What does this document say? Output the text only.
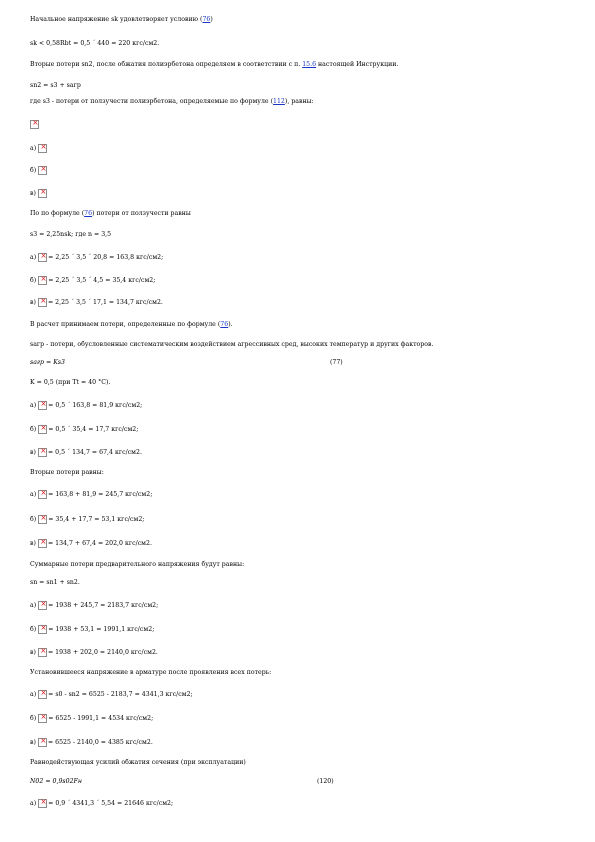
Начальное напряжение sk удовлетворяет условию (76)
sk < 0,58Rbt = 0,5 ´ 440 = 220 кгс/см2.
Вторые потери sn2, после обжатия полиэрбетона определяем в соответствии с п. 15.6 настоящей Инструкции.
sn2 = s3 + sагр
где s3 - потери от ползучести полиэрбетона, определяемые по формуле (112), равны:
×
а) ×
б) ×
в) ×
По по формуле (76) потери от ползучести равны
s3 = 2,25nsk; где n = 3,5
а) × = 2,25 ´ 3,5 ´ 20,8 = 163,8 кгс/см2;
б) × = 2,25 ´ 3,5 ´ 4,5 = 35,4 кгс/см2;
в) × = 2,25 ´ 3,5 ´ 17,1 = 134,7 кгс/см2.
В расчет принимаем потери, определенные по формуле (76).
sагр - потери, обусловленные систематическим воздействием агрессивных сред, высоких температур и других факторов.
sагр = Ks3	(77)
K = 0,5 (при Tt = 40 °C).
а) × = 0,5 ´ 163,8 = 81,9 кгс/см2;
б) × = 0,5 ´ 35,4 = 17,7 кгс/см2;
в) × = 0,5 ´ 134,7 = 67,4 кгс/см2.
Вторые потери равны:
а) × = 163,8 + 81,9 = 245,7 кгс/см2;
б) × = 35,4 + 17,7 = 53,1 кгс/см2;
в) × = 134,7 + 67,4 = 202,0 кгс/см2.
Суммарные потери предварительного напряжения будут равны:
sn = sn1 + sn2.
а) × = 1938 + 245,7 = 2183,7 кгс/см2;
б) × = 1938 + 53,1 = 1991,1 кгс/см2;
в) × = 1938 + 202,0 = 2140,0 кгс/см2.
Установившееся напряжение в арматуре после проявления всех потерь:
а) × = s0 - sn2 = 6525 - 2183,7 = 4341,3 кгс/см2;
б) × = 6525 - 1991,1 = 4534 кгс/см2;
в) × = 6525 - 2140,0 = 4385 кгс/см2.
Равнодействующая усилий обжатия сечения (при эксплуатации)
N02 = 0,9s02Fн	(120)
а) × = 0,9 ´ 4341,3 ´ 5,54 = 21646 кгс/см2;
